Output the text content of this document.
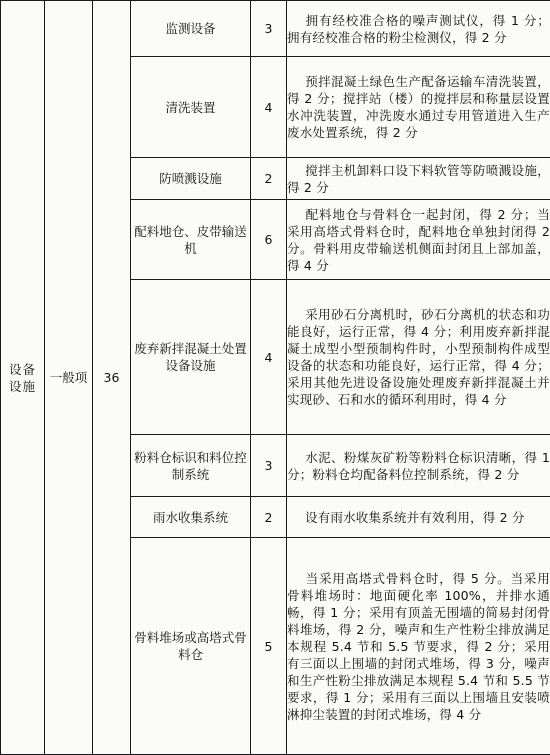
设备
设施	一般项	36	监测设备	3	拥有经校准合格的噪声测试仪，得 1 分；拥有经校准合格的粉尘检测仪，得 2 分
			清洗装置	4	预拌混凝土绿色生产配备运输车清洗装置，得 2 分；搅拌站（楼）的搅拌层和称量层设置水冲洗装置，冲洗废水通过专用管道进入生产废水处置系统，得 2 分
			防喷溅设施	2	搅拌主机卸料口设下料软管等防喷溅设施，得 2 分
			配料地仓、皮带输送机	6	配料地仓与骨料仓一起封闭，得 2 分；当采用高塔式骨料仓时，配料地仓单独封闭得 2 分。骨料用皮带输送机侧面封闭且上部加盖，得 4 分
			废弃新拌混凝土处置设备设施	4	采用砂石分离机时，砂石分离机的状态和功能良好，运行正常，得 4 分；利用废弃新拌混凝土成型小型预制构件时，小型预制构件成型设备的状态和功能良好，运行正常，得 4 分；采用其他先进设备设施处理废弃新拌混凝土并实现砂、石和水的循环利用时，得 4 分
			粉料仓标识和料位控制系统	3	水泥、粉煤灰矿粉等粉料仓标识清晰，得 1 分；粉料仓均配备料位控制系统，得 2 分
			雨水收集系统	2	设有雨水收集系统并有效利用，得 2 分
			骨料堆场或高塔式骨料仓	5	当采用高塔式骨料仓时，得 5 分。当采用骨料堆场时：地面硬化率 100%，并排水通畅，得 1 分；采用有顶盖无围墙的简易封闭骨料堆场，得 2 分，噪声和生产性粉尘排放满足本规程 5.4 节和 5.5 节要求，得 2 分；采用有三面以上围墙的封闭式堆场，得 3 分，噪声和生产性粉尘排放满足本规程 5.4 节和 5.5 节要求，得 1 分；采用有三面以上围墙且安装喷淋抑尘装置的封闭式堆场，得 4 分
